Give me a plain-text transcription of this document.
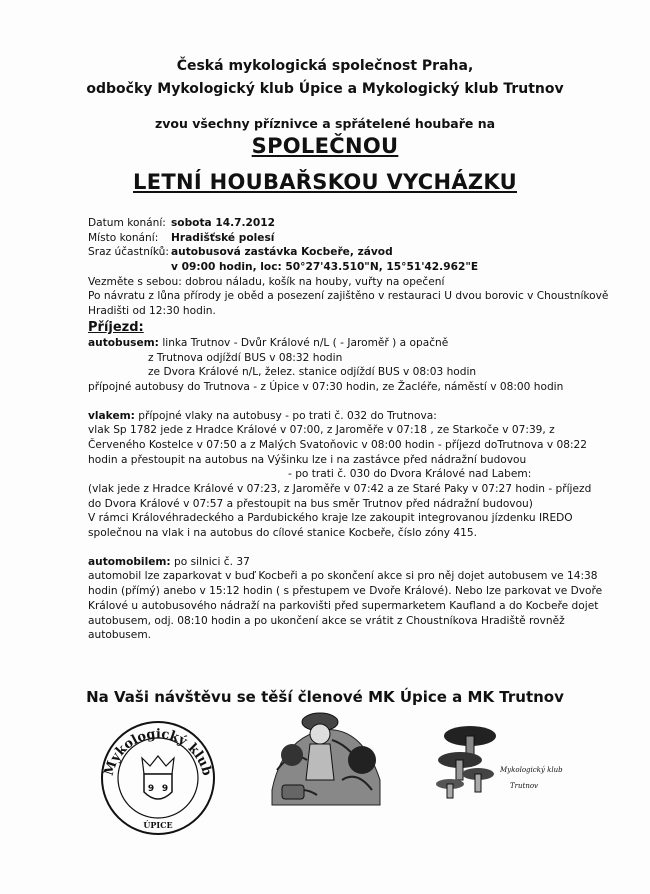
Česká mykologická společnost Praha,
odbočky Mykologický klub Úpice a Mykologický klub Trutnov
zvou všechny příznivce a spřátelené houbaře na
SPOLEČNOU
LETNÍ HOUBAŘSKOU VYCHÁZKU
Datum konání: sobota 14.7.2012
Místo konání: Hradišťské polesí
Sraz účastníků: autobusová zastávka Kocbeře, závod
v 09:00 hodin, loc: 50°27'43.510"N, 15°51'42.962"E
Vezměte s sebou: dobrou náladu, košík na houby, vuřty na opečení
Po návratu z lůna přírody je oběd a posezení zajištěno v restauraci U dvou borovic v Choustníkově
Hradišti od 12:30 hodin.
Příjezd:
autobusem: linka Trutnov - Dvůr Králové n/L ( - Jaroměř ) a opačně
z Trutnova odjíždí BUS v 08:32 hodin
ze Dvora Králové n/L, želez. stanice odjíždí BUS v 08:03 hodin
přípojné autobusy do Trutnova - z Úpice v 07:30 hodin, ze Žacléře, náměstí v 08:00 hodin
vlakem: přípojné vlaky na autobusy - po trati č. 032 do Trutnova:
vlak Sp 1782 jede z Hradce Králové v 07:00, z Jaroměře v 07:18 , ze Starkoče v 07:39, z
Červeného Kostelce v 07:50 a z Malých Svatoňovic v 08:00 hodin - příjezd doTrutnova v 08:22
hodin a přestoupit na autobus na Výšinku lze i na zastávce před nádražní budovou
- po trati č. 030 do Dvora Králové nad Labem:
(vlak jede z Hradce Králové v 07:23, z Jaroměře v 07:42 a ze Staré Paky v 07:27 hodin - příjezd
do Dvora Králové v 07:57 a přestoupit na bus směr Trutnov před nádražní budovou)
V rámci Královéhradeckého a Pardubického kraje lze zakoupit integrovanou jízdenku IREDO
společnou na vlak i na autobus do cílové stanice Kocbeře, číslo zóny 415.
automobilem: po silnici č. 37
automobil lze zaparkovat v buď Kocbeři a po skončení akce si pro něj dojet autobusem ve 14:38
hodin (přímý) anebo v 15:12 hodin ( s přestupem ve Dvoře Králové). Nebo lze parkovat ve Dvoře
Králové u autobusového nádraží na parkovišti před supermarketem Kaufland a do Kocbeře dojet
autobusem, odj. 08:10 hodin a po ukončení akce se vrátit z Choustníkova Hradiště rovněž
autobusem.
Na Vaši návštěvu se těší členové MK Úpice a MK Trutnov
Mykologický klub
9 9
ÚPICE
Mykologický klub
Trutnov
